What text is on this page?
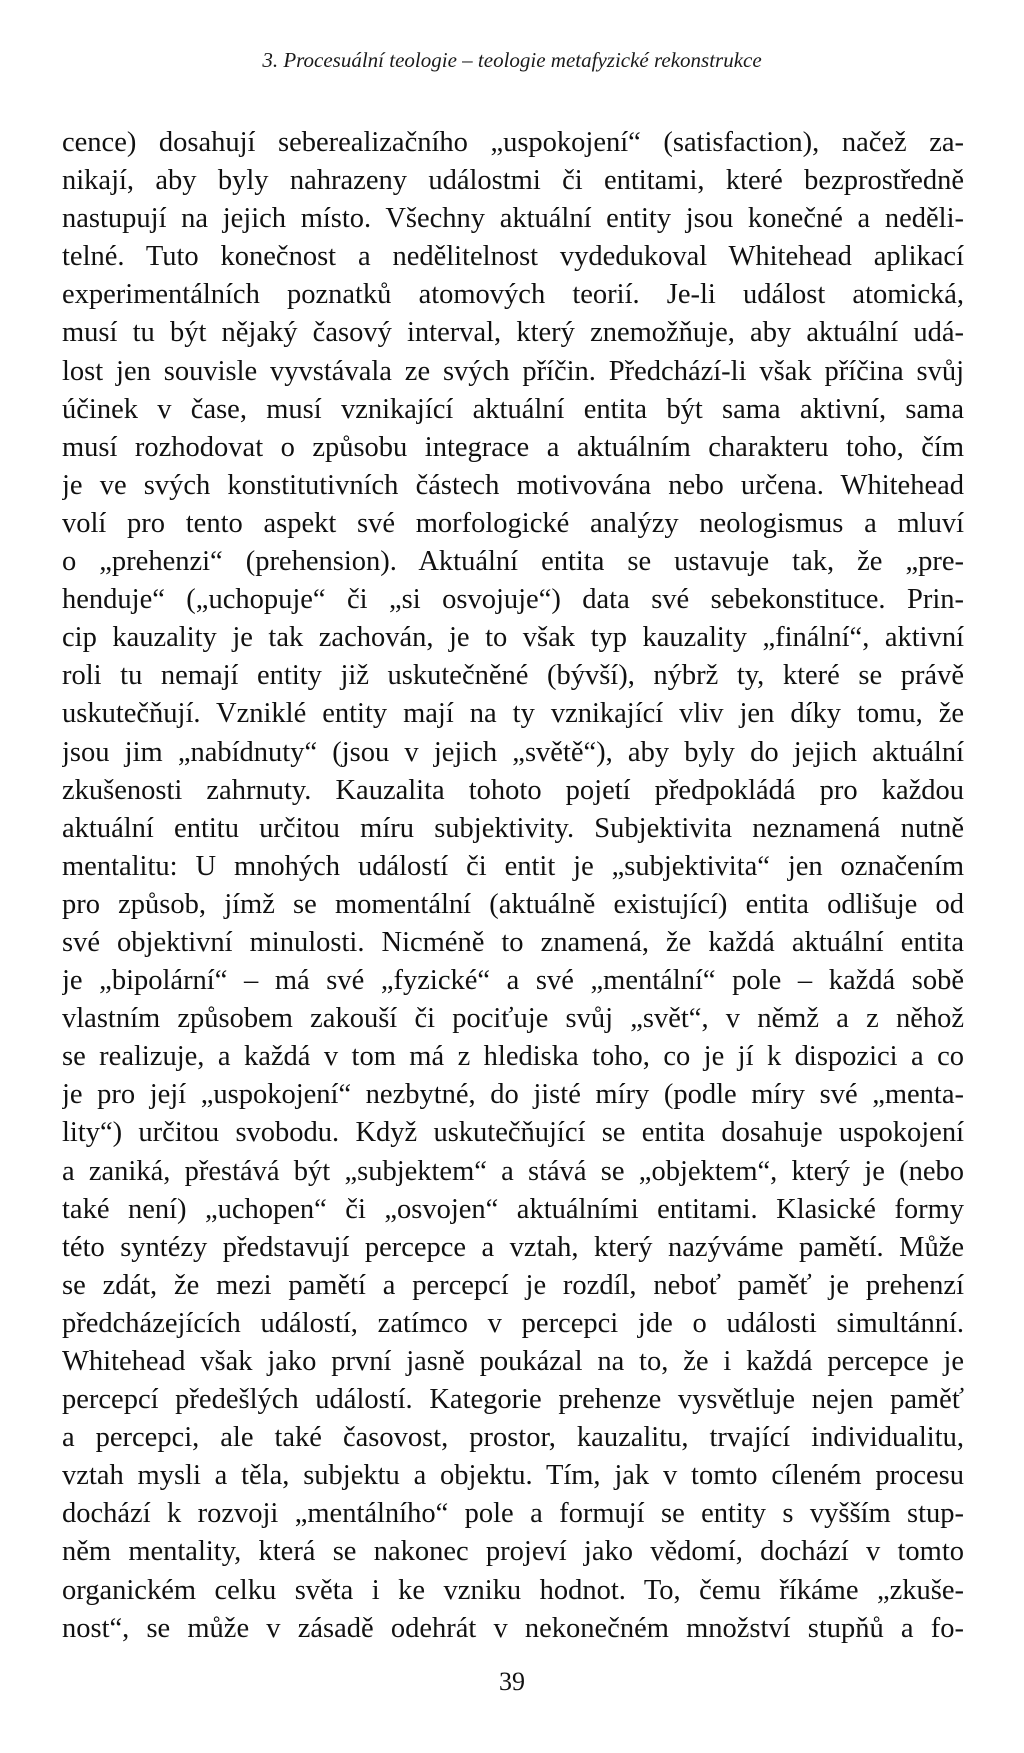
3. Procesuální teologie – teologie metafyzické rekonstrukce
cence) dosahují seberealizačního „uspokojení“ (satisfaction), načež za-
nikají, aby byly nahrazeny událostmi či entitami, které bezprostředně
nastupují na jejich místo. Všechny aktuální entity jsou konečné a neděli-
telné. Tuto konečnost a nedělitelnost vydedukoval Whitehead aplikací
experimentálních poznatků atomových teorií. Je-li událost atomická,
musí tu být nějaký časový interval, který znemožňuje, aby aktuální udá-
lost jen souvisle vyvstávala ze svých příčin. Předchází-li však příčina svůj
účinek v čase, musí vznikající aktuální entita být sama aktivní, sama
musí rozhodovat o způsobu integrace a aktuálním charakteru toho, čím
je ve svých konstitutivních částech motivována nebo určena. Whitehead
volí pro tento aspekt své morfologické analýzy neologismus a mluví
o „prehenzi“ (prehension). Aktuální entita se ustavuje tak, že „pre-
henduje“ („uchopuje“ či „si osvojuje“) data své sebekonstituce. Prin-
cip kauzality je tak zachován, je to však typ kauzality „finální“, aktivní
roli tu nemají entity již uskutečněné (bývší), nýbrž ty, které se právě
uskutečňují. Vzniklé entity mají na ty vznikající vliv jen díky tomu, že
jsou jim „nabídnuty“ (jsou v jejich „světě“), aby byly do jejich aktuální
zkušenosti zahrnuty. Kauzalita tohoto pojetí předpokládá pro každou
aktuální entitu určitou míru subjektivity. Subjektivita neznamená nutně
mentalitu: U mnohých událostí či entit je „subjektivita“ jen označením
pro způsob, jímž se momentální (aktuálně existující) entita odlišuje od
své objektivní minulosti. Nicméně to znamená, že každá aktuální entita
je „bipolární“ – má své „fyzické“ a své „mentální“ pole – každá sobě
vlastním způsobem zakouší či pociťuje svůj „svět“, v němž a z něhož
se realizuje, a každá v tom má z hlediska toho, co je jí k dispozici a co
je pro její „uspokojení“ nezbytné, do jisté míry (podle míry své „menta-
lity“) určitou svobodu. Když uskutečňující se entita dosahuje uspokojení
a zaniká, přestává být „subjektem“ a stává se „objektem“, který je (nebo
také není) „uchopen“ či „osvojen“ aktuálními entitami. Klasické formy
této syntézy představují percepce a vztah, který nazýváme pamětí. Může
se zdát, že mezi pamětí a percepcí je rozdíl, neboť paměť je prehenzí
předcházejících událostí, zatímco v percepci jde o události simultánní.
Whitehead však jako první jasně poukázal na to, že i každá percepce je
percepcí předešlých událostí. Kategorie prehenze vysvětluje nejen paměť
a percepci, ale také časovost, prostor, kauzalitu, trvající individualitu,
vztah mysli a těla, subjektu a objektu. Tím, jak v tomto cíleném procesu
dochází k rozvoji „mentálního“ pole a formují se entity s vyšším stup-
něm mentality, která se nakonec projeví jako vědomí, dochází v tomto
organickém celku světa i ke vzniku hodnot. To, čemu říkáme „zkuše-
nost“, se může v zásadě odehrát v nekonečném množství stupňů a fo-
39
